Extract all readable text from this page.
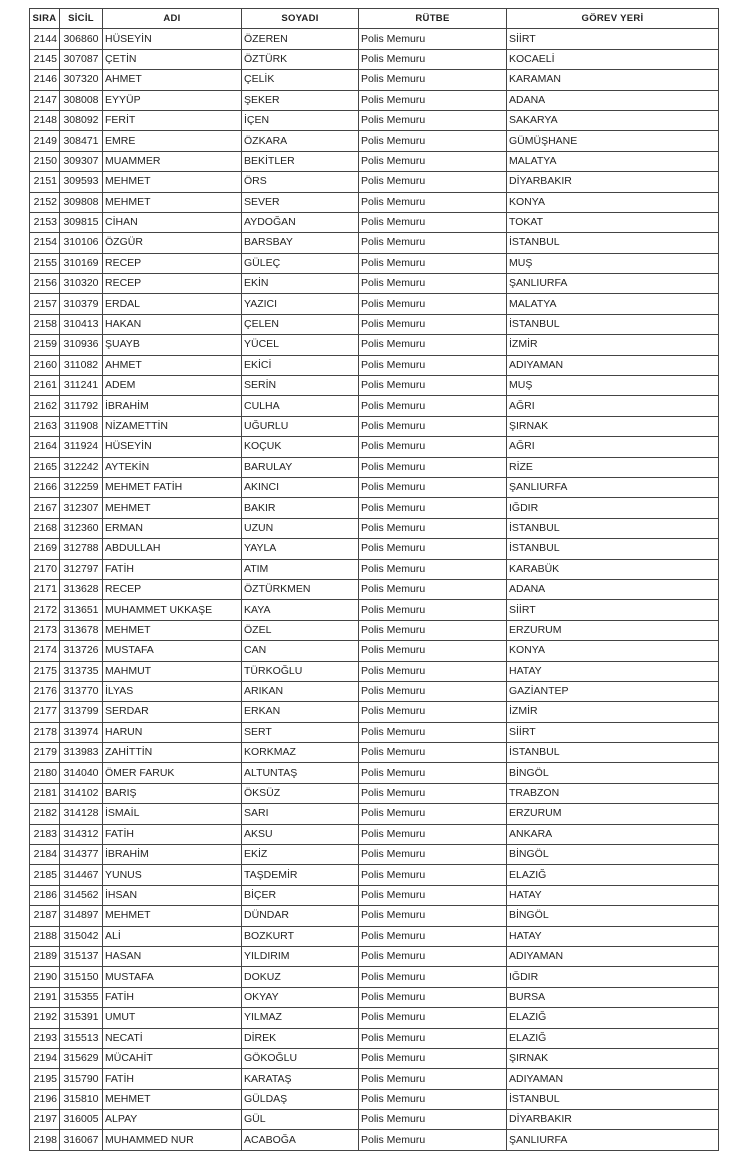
SIRA	SİCİL	ADI	SOYADI	RÜTBE	GÖREV YERİ
2144	306860	HÜSEYİN	ÖZEREN	Polis Memuru	SİİRT
2145	307087	ÇETİN	ÖZTÜRK	Polis Memuru	KOCAELİ
2146	307320	AHMET	ÇELİK	Polis Memuru	KARAMAN
2147	308008	EYYÜP	ŞEKER	Polis Memuru	ADANA
2148	308092	FERİT	İÇEN	Polis Memuru	SAKARYA
2149	308471	EMRE	ÖZKARA	Polis Memuru	GÜMÜŞHANE
2150	309307	MUAMMER	BEKİTLER	Polis Memuru	MALATYA
2151	309593	MEHMET	ÖRS	Polis Memuru	DİYARBAKIR
2152	309808	MEHMET	SEVER	Polis Memuru	KONYA
2153	309815	CİHAN	AYDOĞAN	Polis Memuru	TOKAT
2154	310106	ÖZGÜR	BARSBAY	Polis Memuru	İSTANBUL
2155	310169	RECEP	GÜLEÇ	Polis Memuru	MUŞ
2156	310320	RECEP	EKİN	Polis Memuru	ŞANLIURFA
2157	310379	ERDAL	YAZICI	Polis Memuru	MALATYA
2158	310413	HAKAN	ÇELEN	Polis Memuru	İSTANBUL
2159	310936	ŞUAYB	YÜCEL	Polis Memuru	İZMİR
2160	311082	AHMET	EKİCİ	Polis Memuru	ADIYAMAN
2161	311241	ADEM	SERİN	Polis Memuru	MUŞ
2162	311792	İBRAHİM	CULHA	Polis Memuru	AĞRI
2163	311908	NİZAMETTİN	UĞURLU	Polis Memuru	ŞIRNAK
2164	311924	HÜSEYİN	KOÇUK	Polis Memuru	AĞRI
2165	312242	AYTEKİN	BARULAY	Polis Memuru	RİZE
2166	312259	MEHMET FATİH	AKINCI	Polis Memuru	ŞANLIURFA
2167	312307	MEHMET	BAKIR	Polis Memuru	IĞDIR
2168	312360	ERMAN	UZUN	Polis Memuru	İSTANBUL
2169	312788	ABDULLAH	YAYLA	Polis Memuru	İSTANBUL
2170	312797	FATİH	ATIM	Polis Memuru	KARABÜK
2171	313628	RECEP	ÖZTÜRKMEN	Polis Memuru	ADANA
2172	313651	MUHAMMET UKKAŞE	KAYA	Polis Memuru	SİİRT
2173	313678	MEHMET	ÖZEL	Polis Memuru	ERZURUM
2174	313726	MUSTAFA	CAN	Polis Memuru	KONYA
2175	313735	MAHMUT	TÜRKOĞLU	Polis Memuru	HATAY
2176	313770	İLYAS	ARIKAN	Polis Memuru	GAZİANTEP
2177	313799	SERDAR	ERKAN	Polis Memuru	İZMİR
2178	313974	HARUN	SERT	Polis Memuru	SİİRT
2179	313983	ZAHİTTİN	KORKMAZ	Polis Memuru	İSTANBUL
2180	314040	ÖMER FARUK	ALTUNTAŞ	Polis Memuru	BİNGÖL
2181	314102	BARIŞ	ÖKSÜZ	Polis Memuru	TRABZON
2182	314128	İSMAİL	SARI	Polis Memuru	ERZURUM
2183	314312	FATİH	AKSU	Polis Memuru	ANKARA
2184	314377	İBRAHİM	EKİZ	Polis Memuru	BİNGÖL
2185	314467	YUNUS	TAŞDEMİR	Polis Memuru	ELAZIĞ
2186	314562	İHSAN	BİÇER	Polis Memuru	HATAY
2187	314897	MEHMET	DÜNDAR	Polis Memuru	BİNGÖL
2188	315042	ALİ	BOZKURT	Polis Memuru	HATAY
2189	315137	HASAN	YILDIRIM	Polis Memuru	ADIYAMAN
2190	315150	MUSTAFA	DOKUZ	Polis Memuru	IĞDIR
2191	315355	FATİH	OKYAY	Polis Memuru	BURSA
2192	315391	UMUT	YILMAZ	Polis Memuru	ELAZIĞ
2193	315513	NECATİ	DİREK	Polis Memuru	ELAZIĞ
2194	315629	MÜCAHİT	GÖKOĞLU	Polis Memuru	ŞIRNAK
2195	315790	FATİH	KARATAŞ	Polis Memuru	ADIYAMAN
2196	315810	MEHMET	GÜLDAŞ	Polis Memuru	İSTANBUL
2197	316005	ALPAY	GÜL	Polis Memuru	DİYARBAKIR
2198	316067	MUHAMMED NUR	ACABOĞA	Polis Memuru	ŞANLIURFA
